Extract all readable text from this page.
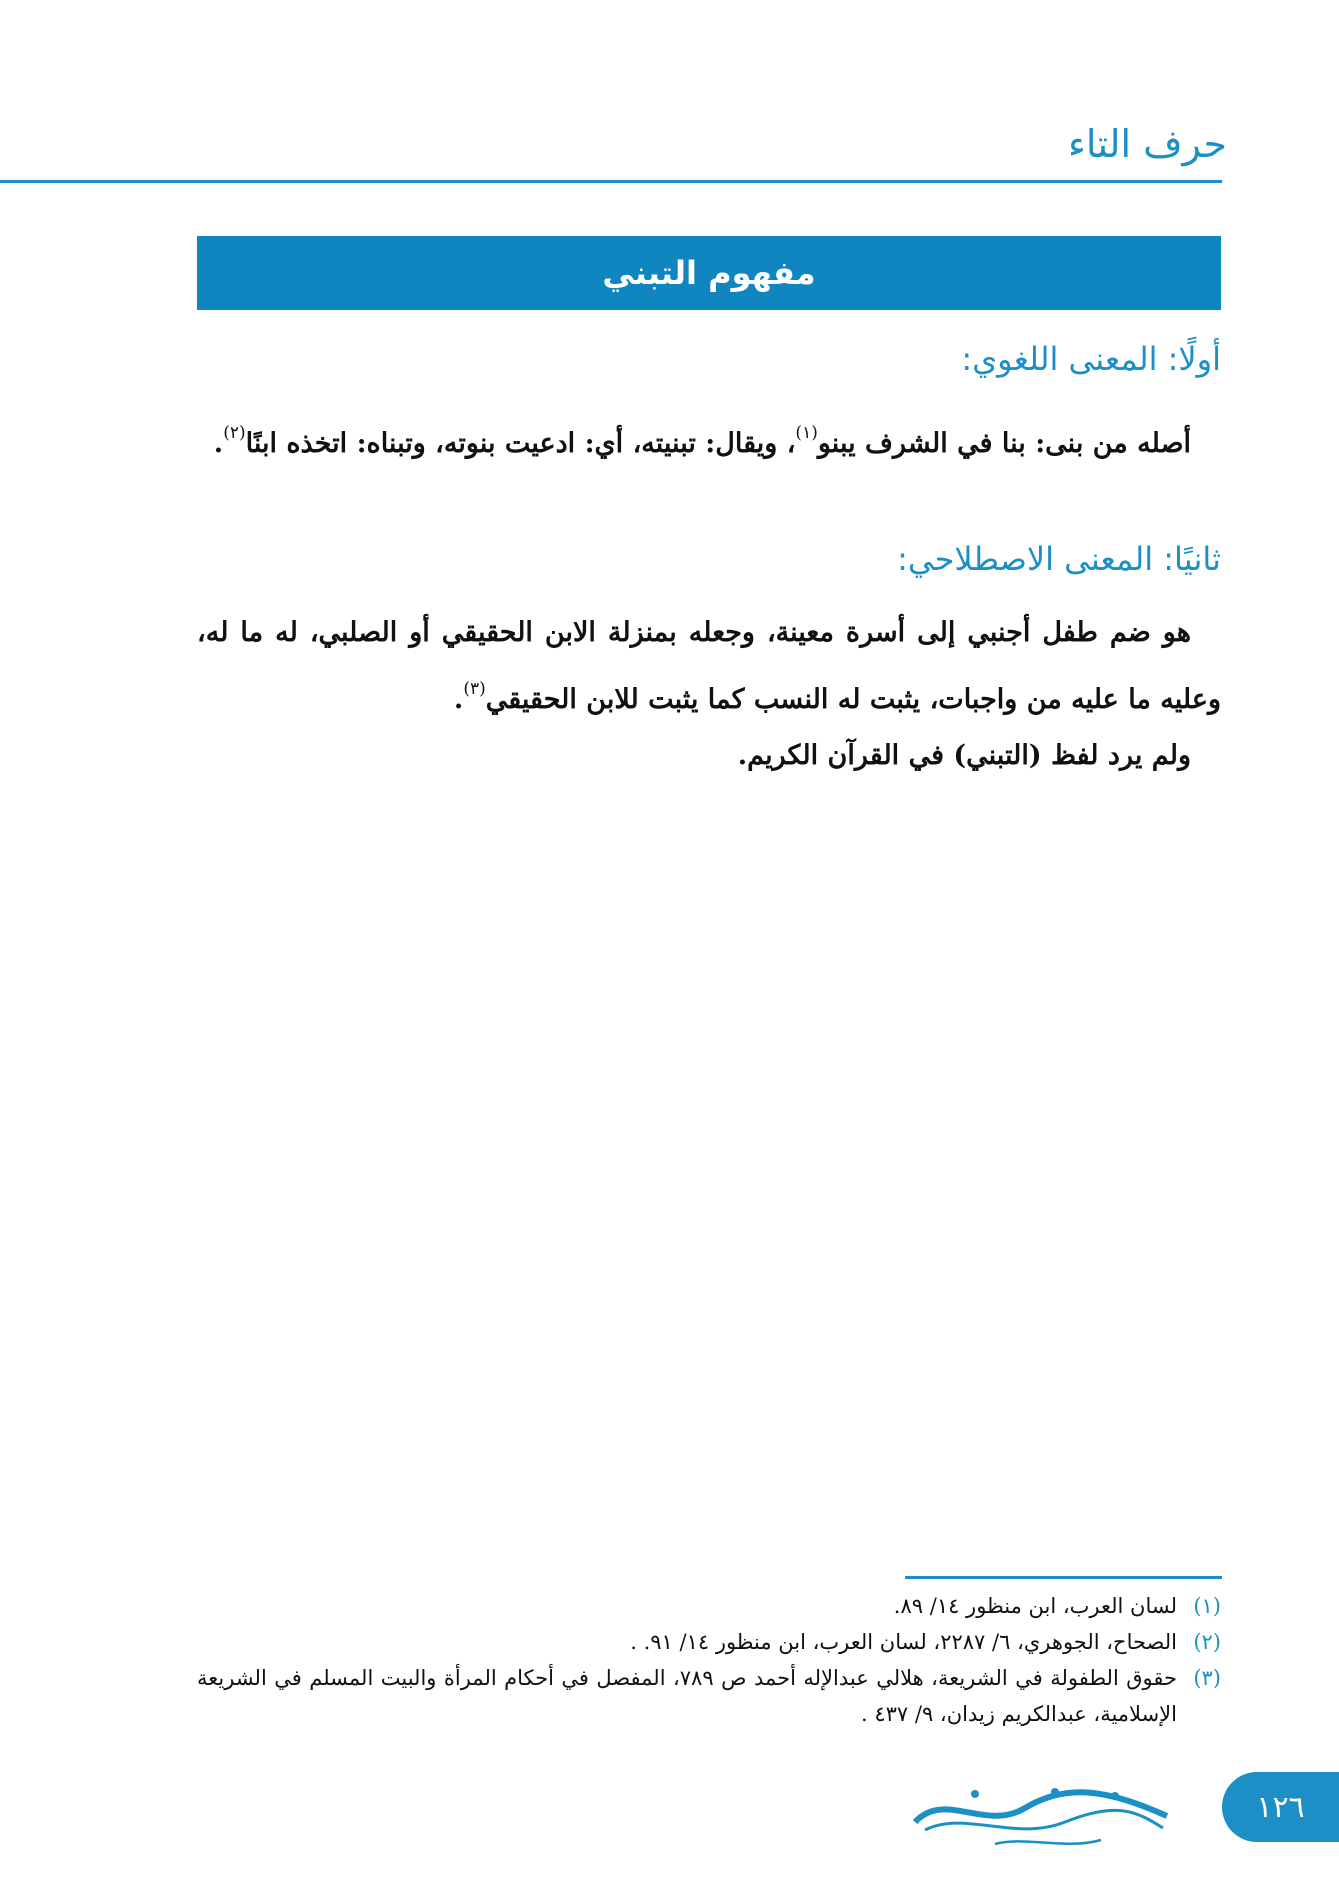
حرف التاء
مفهوم التبني
أولًا: المعنى اللغوي:
أصله من بنى: بنا في الشرف يبنو$^{(١)}$، ويقال: تبنيته، أي: ادعيت بنوته، وتبناه: اتخذه ابنًا$^{(٢)}$.
ثانيًا: المعنى الاصطلاحي:
هو ضم طفل أجنبي إلى أسرة معينة، وجعله بمنزلة الابن الحقيقي أو الصلبي، له ما له، وعليه ما عليه من واجبات، يثبت له النسب كما يثبت للابن الحقيقي$^{(٣)}$.
ولم يرد لفظ (التبني) في القرآن الكريم.
(١)
لسان العرب، ابن منظور ١٤/ ٨٩.
(٢)
الصحاح، الجوهري، ٦/ ٢٢٨٧، لسان العرب، ابن منظور ١٤/ ٩١. .
(٣)
حقوق الطفولة في الشريعة، هلالي عبدالإله أحمد ص ٧٨٩، المفصل في أحكام المرأة والبيت المسلم في الشريعة الإسلامية، عبدالكريم زيدان، ٩/ ٤٣٧ .
١٢٦
